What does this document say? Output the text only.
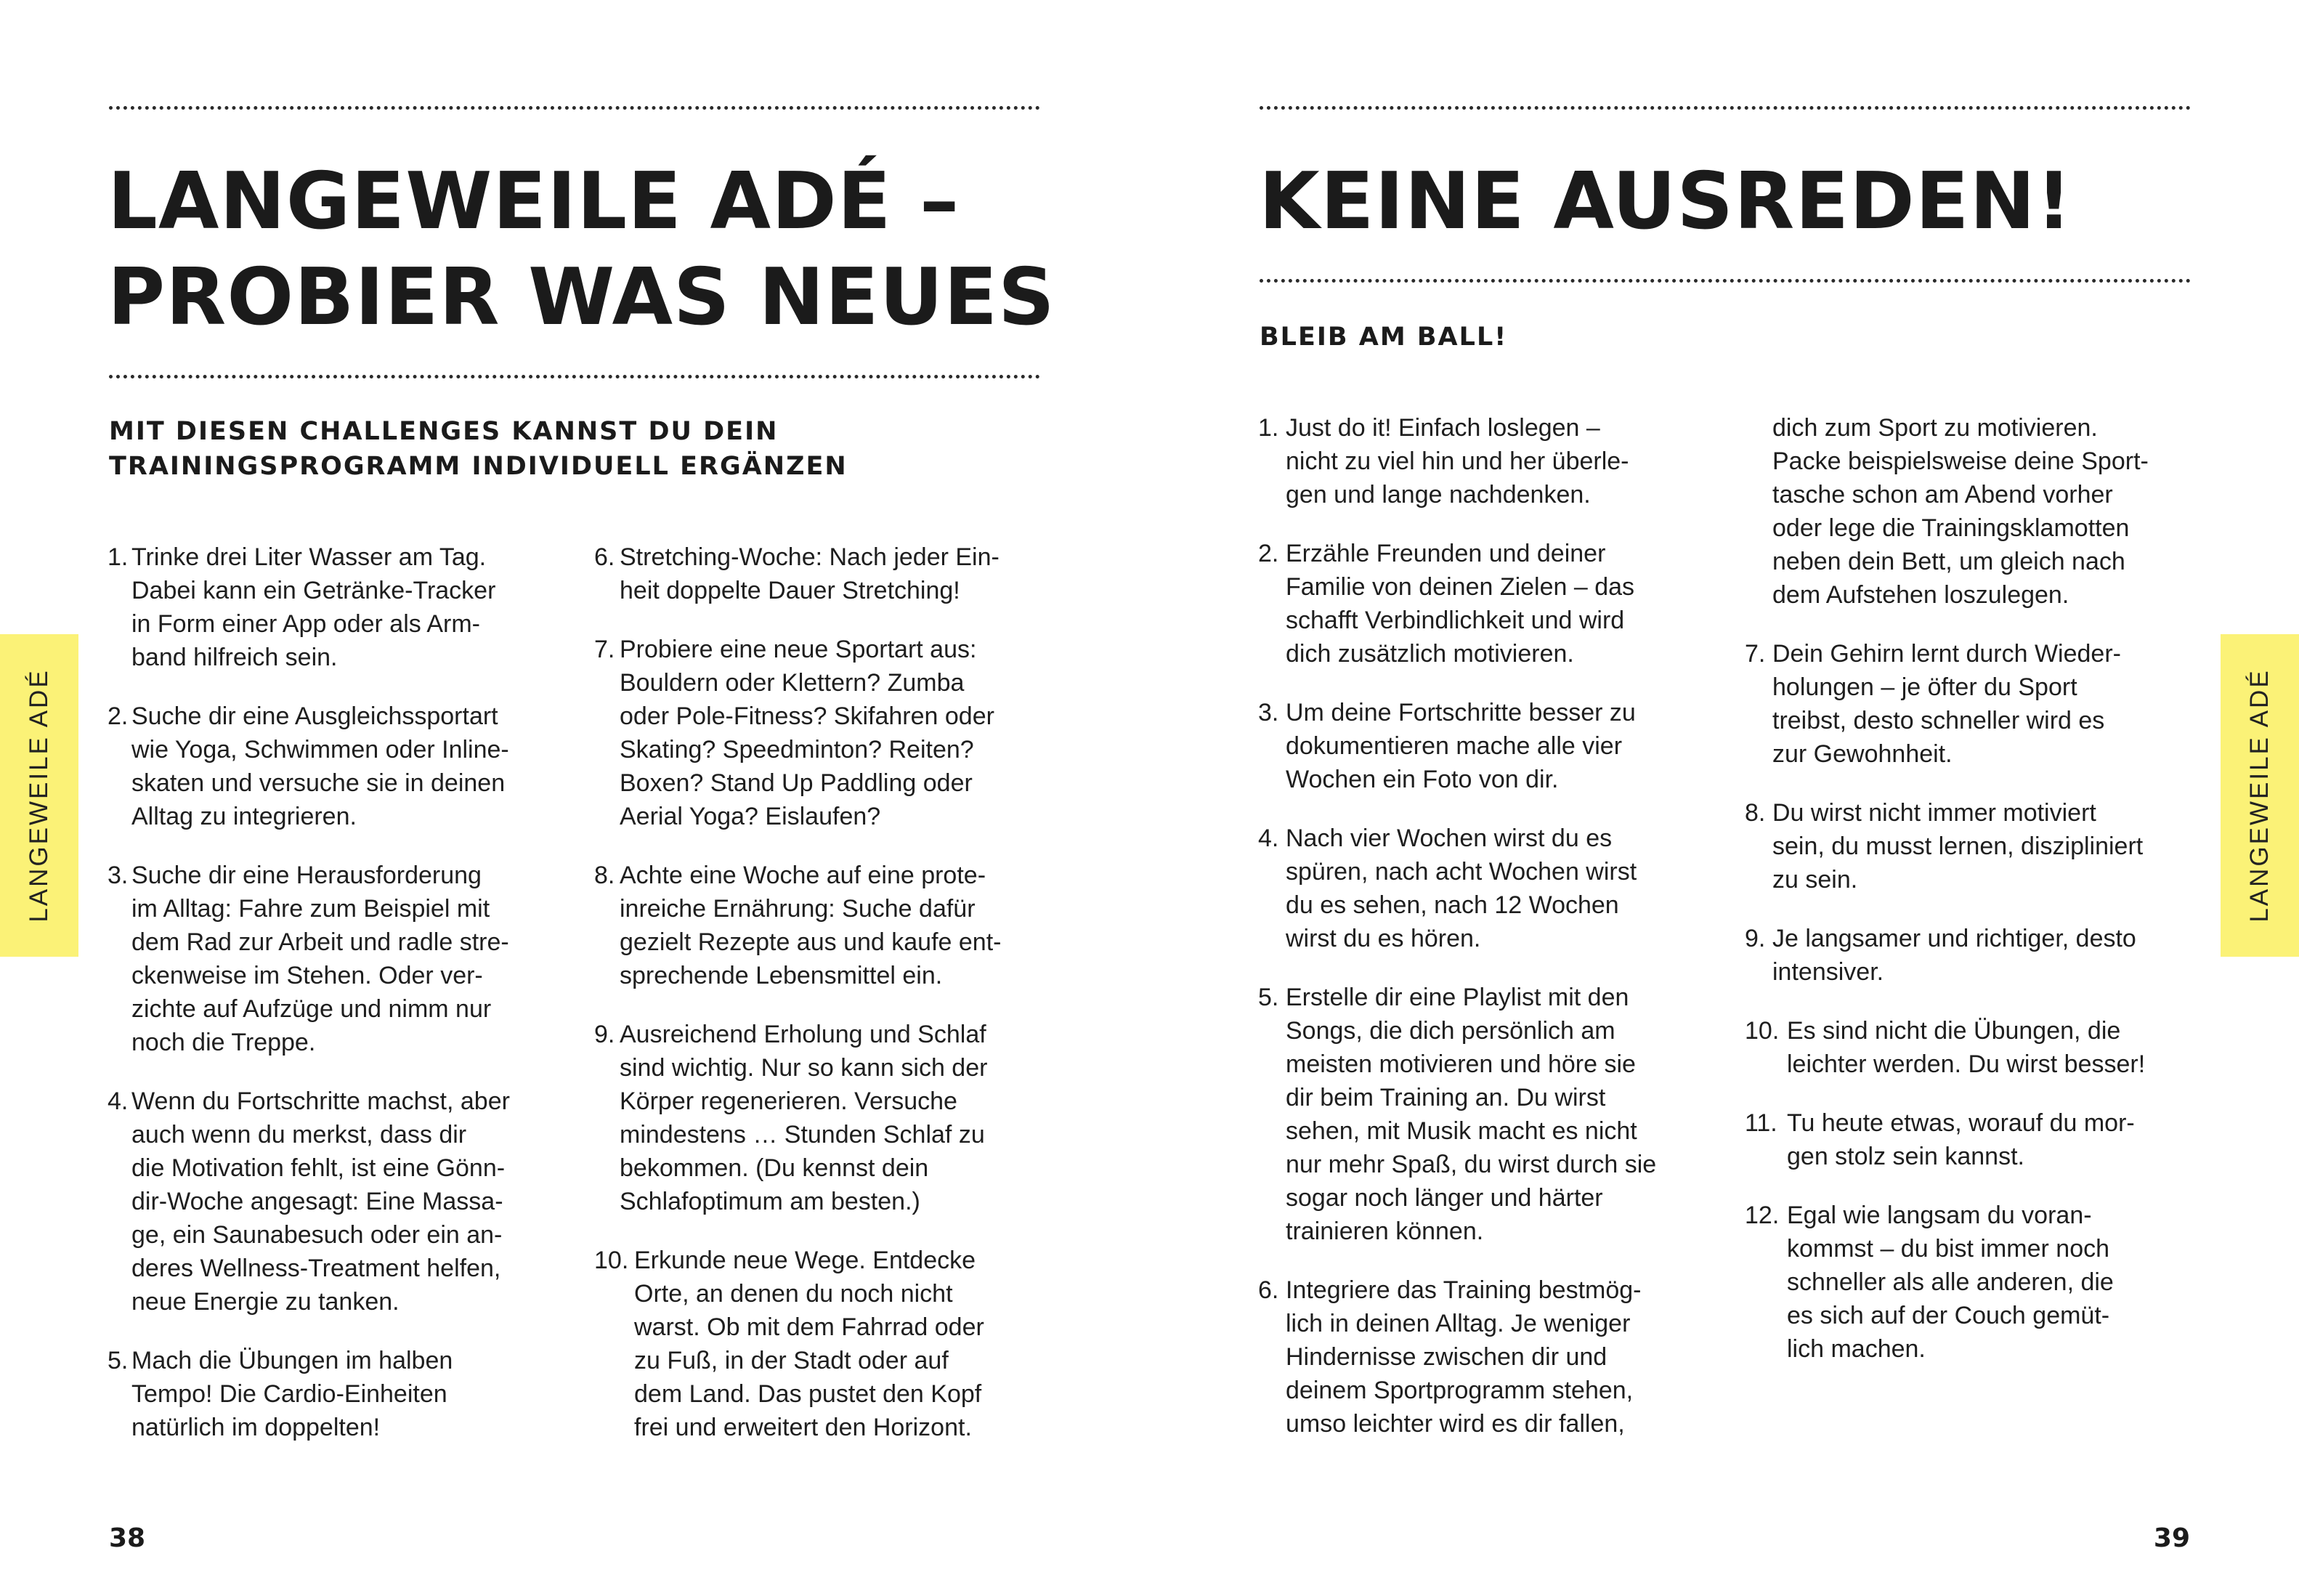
LANGEWEILE ADÉ –
PROBIER WAS NEUES
MIT DIESEN CHALLENGES KANNST DU DEIN
TRAININGSPROGRAMM INDIVIDUELL ERGÄNZEN
1. Trinke drei Liter Wasser am Tag.
Dabei kann ein Getränke-Tracker
in Form einer App oder als Arm-
band hilfreich sein.
2. Suche dir eine Ausgleichssportart
wie Yoga, Schwimmen oder Inline-
skaten und versuche sie in deinen
Alltag zu integrieren.
3. Suche dir eine Herausforderung
im Alltag: Fahre zum Beispiel mit
dem Rad zur Arbeit und radle stre-
ckenweise im Stehen. Oder ver-
zichte auf Aufzüge und nimm nur
noch die Treppe.
4. Wenn du Fortschritte machst, aber
auch wenn du merkst, dass dir
die Motivation fehlt, ist eine Gönn-
dir-Woche angesagt: Eine Massa-
ge, ein Saunabesuch oder ein an-
deres Wellness-Treatment helfen,
neue Energie zu tanken.
5. Mach die Übungen im halben
Tempo! Die Cardio-Einheiten
natürlich im doppelten!
6. Stretching-Woche: Nach jeder Ein-
heit doppelte Dauer Stretching!
7. Probiere eine neue Sportart aus:
Bouldern oder Klettern? Zumba
oder Pole-Fitness? Skifahren oder
Skating? Speedminton? Reiten?
Boxen? Stand Up Paddling oder
Aerial Yoga? Eislaufen?
8. Achte eine Woche auf eine prote-
inreiche Ernährung: Suche dafür
gezielt Rezepte aus und kaufe ent-
sprechende Lebensmittel ein.
9. Ausreichend Erholung und Schlaf
sind wichtig. Nur so kann sich der
Körper regenerieren. Versuche
mindestens … Stunden Schlaf zu
bekommen. (Du kennst dein
Schlafoptimum am besten.)
10. Erkunde neue Wege. Entdecke
Orte, an denen du noch nicht
warst. Ob mit dem Fahrrad oder
zu Fuß, in der Stadt oder auf
dem Land. Das pustet den Kopf
frei und erweitert den Horizont.
LANGEWEILE ADÉ
38
KEINE AUSREDEN!
BLEIB AM BALL!
1. Just do it! Einfach loslegen –
nicht zu viel hin und her überle-
gen und lange nachdenken.
2. Erzähle Freunden und deiner
Familie von deinen Zielen – das
schafft Verbindlichkeit und wird
dich zusätzlich motivieren.
3. Um deine Fortschritte besser zu
dokumentieren mache alle vier
Wochen ein Foto von dir.
4. Nach vier Wochen wirst du es
spüren, nach acht Wochen wirst
du es sehen, nach 12 Wochen
wirst du es hören.
5. Erstelle dir eine Playlist mit den
Songs, die dich persönlich am
meisten motivieren und höre sie
dir beim Training an. Du wirst
sehen, mit Musik macht es nicht
nur mehr Spaß, du wirst durch sie
sogar noch länger und härter
trainieren können.
6. Integriere das Training bestmög-
lich in deinen Alltag. Je weniger
Hindernisse zwischen dir und
deinem Sportprogramm stehen,
umso leichter wird es dir fallen,
dich zum Sport zu motivieren.
Packe beispielsweise deine Sport-
tasche schon am Abend vorher
oder lege die Trainingsklamotten
neben dein Bett, um gleich nach
dem Aufstehen loszulegen.
7. Dein Gehirn lernt durch Wieder-
holungen – je öfter du Sport
treibst, desto schneller wird es
zur Gewohnheit.
8. Du wirst nicht immer motiviert
sein, du musst lernen, diszipliniert
zu sein.
9. Je langsamer und richtiger, desto
intensiver.
10. Es sind nicht die Übungen, die
leichter werden. Du wirst besser!
11. Tu heute etwas, worauf du mor-
gen stolz sein kannst.
12. Egal wie langsam du voran-
kommst – du bist immer noch
schneller als alle anderen, die
es sich auf der Couch gemüt-
lich machen.
LANGEWEILE ADÉ
39
